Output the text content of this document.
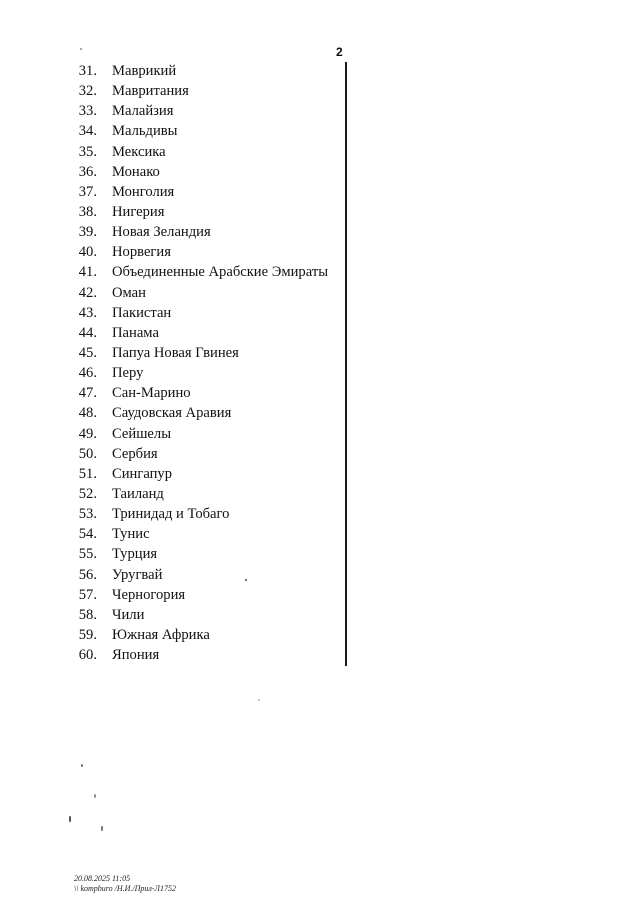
2
31. Маврикий
32. Мавритания
33. Малайзия
34. Мальдивы
35. Мексика
36. Монако
37. Монголия
38. Нигерия
39. Новая Зеландия
40. Норвегия
41. Объединенные Арабские Эмираты
42. Оман
43. Пакистан
44. Панама
45. Папуа Новая Гвинея
46. Перу
47. Сан-Марино
48. Саудовская Аравия
49. Сейшелы
50. Сербия
51. Сингапур
52. Таиланд
53. Тринидад и Тобаго
54. Тунис
55. Турция
56. Уругвай
57. Черногория
58. Чили
59. Южная Африка
60. Япония
20.08.2025 11:05
\\ kompburo /Н.И./Прил-Л1752
